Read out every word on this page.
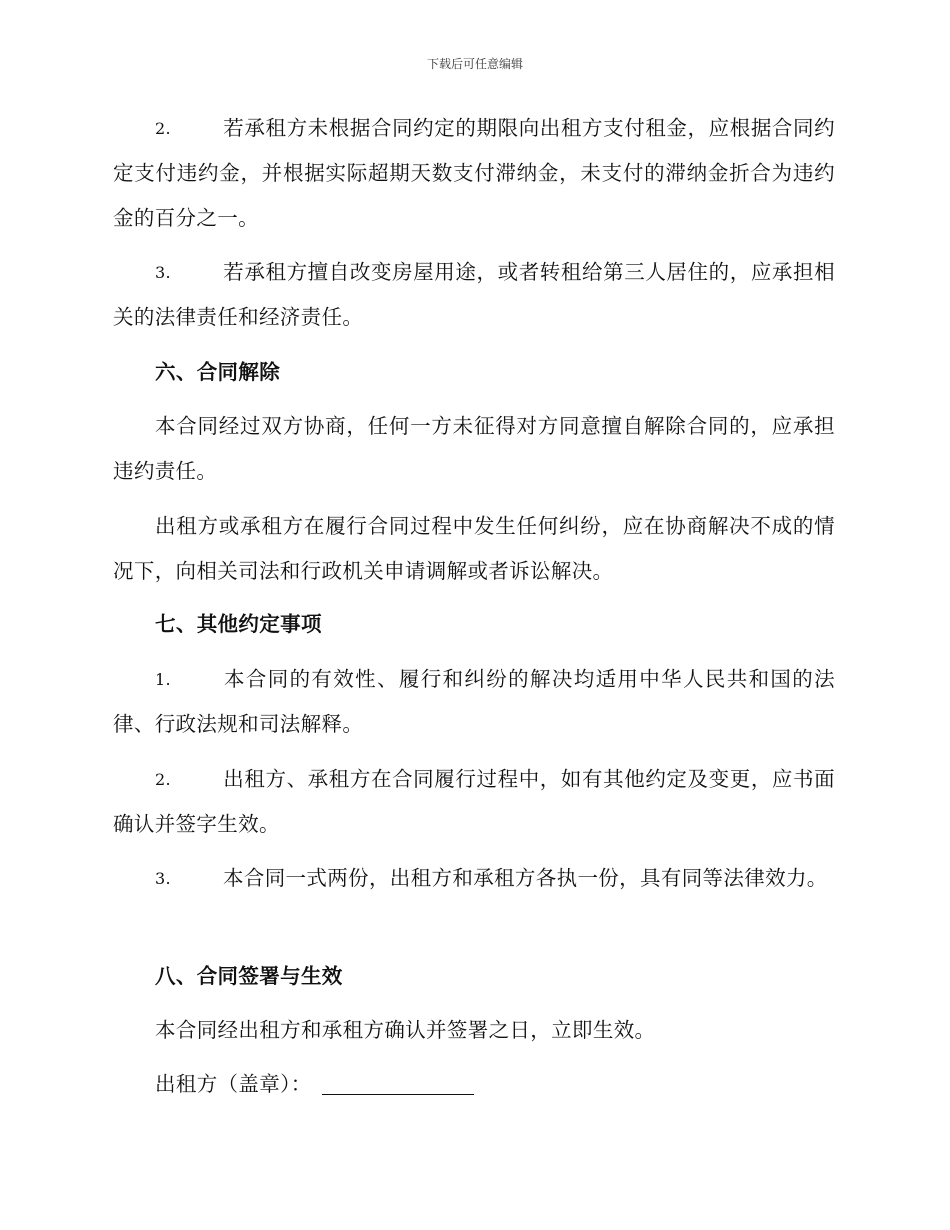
下载后可任意编辑
2.	若承租方未根据合同约定的期限向出租方支付租金，应根据合同约定支付违约金，并根据实际超期天数支付滞纳金，未支付的滞纳金折合为违约金的百分之一。
3.	若承租方擅自改变房屋用途，或者转租给第三人居住的，应承担相关的法律责任和经济责任。
六、合同解除
本合同经过双方协商，任何一方未征得对方同意擅自解除合同的，应承担违约责任。
出租方或承租方在履行合同过程中发生任何纠纷，应在协商解决不成的情况下，向相关司法和行政机关申请调解或者诉讼解决。
七、其他约定事项
1.	本合同的有效性、履行和纠纷的解决均适用中华人民共和国的法律、行政法规和司法解释。
2.	出租方、承租方在合同履行过程中，如有其他约定及变更，应书面确认并签字生效。
3.	本合同一式两份，出租方和承租方各执一份，具有同等法律效力。
八、合同签署与生效
本合同经出租方和承租方确认并签署之日，立即生效。
出租方（盖章）：
